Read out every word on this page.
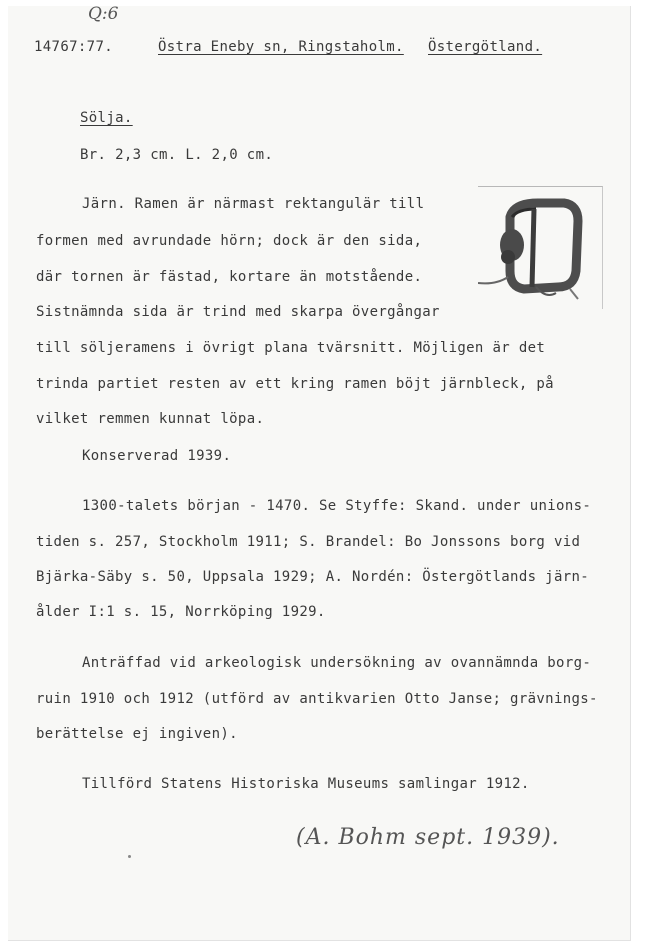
Q:6
14767:77.	Östra Eneby sn, Ringstaholm. Östergötland.
Sölja.
Br. 2,3 cm. L. 2,0 cm.
Järn. Ramen är närmast rektangulär till
formen med avrundade hörn; dock är den sida,
där tornen är fästad, kortare än motstående.
Sistnämnda sida är trind med skarpa övergångar
till söljeramens i övrigt plana tvärsnitt. Möjligen är det
trinda partiet resten av ett kring ramen böjt järnbleck, på
vilket remmen kunnat löpa.
Konserverad 1939.
1300-talets början - 1470. Se Styffe: Skand. under unions-
tiden s. 257, Stockholm 1911; S. Brandel: Bo Jonssons borg vid
Bjärka-Säby s. 50, Uppsala 1929; A. Nordén: Östergötlands järn-
ålder I:1 s. 15, Norrköping 1929.
Anträffad vid arkeologisk undersökning av ovannämnda borg-
ruin 1910 och 1912 (utförd av antikvarien Otto Janse; grävnings-
berättelse ej ingiven).
Tillförd Statens Historiska Museums samlingar 1912.
(A. Bohm sept. 1939).
